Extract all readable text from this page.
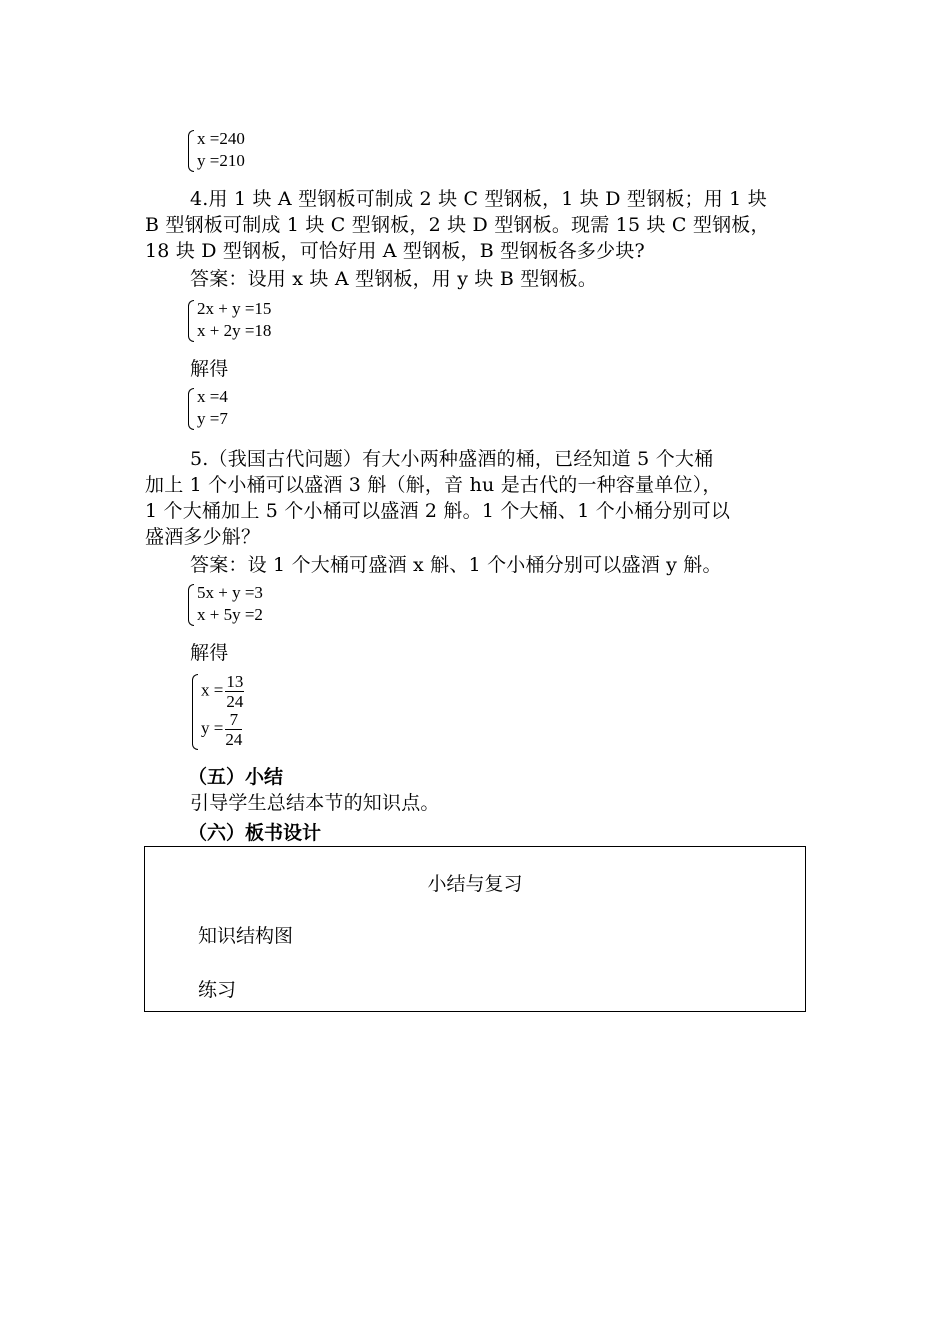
x =240
y =210
4.用 1 块 A 型钢板可制成 2 块 C 型钢板，1 块 D 型钢板；用 1 块
B 型钢板可制成 1 块 C 型钢板，2 块 D 型钢板。现需 15 块 C 型钢板，
18 块 D 型钢板，可恰好用 A 型钢板，B 型钢板各多少块?
答案：设用 x 块 A 型钢板，用 y 块 B 型钢板。
2x + y =15
x + 2y =18
解得
x =4
y =7
5.（我国古代问题）有大小两种盛酒的桶，已经知道 5 个大桶
加上 1 个小桶可以盛酒 3 斛（斛，音 hu 是古代的一种容量单位），
1 个大桶加上 5 个小桶可以盛酒 2 斛。1 个大桶、1 个小桶分别可以
盛酒多少斛？
答案：设 1 个大桶可盛酒 x 斛、1 个小桶分别可以盛酒 y 斛。
5x + y =3
x + 5y =2
解得
$x = \frac{13}{24}$
$y = \frac{7}{24}$
（五）小结
引导学生总结本节的知识点。
（六）板书设计
小结与复习
知识结构图
练习
